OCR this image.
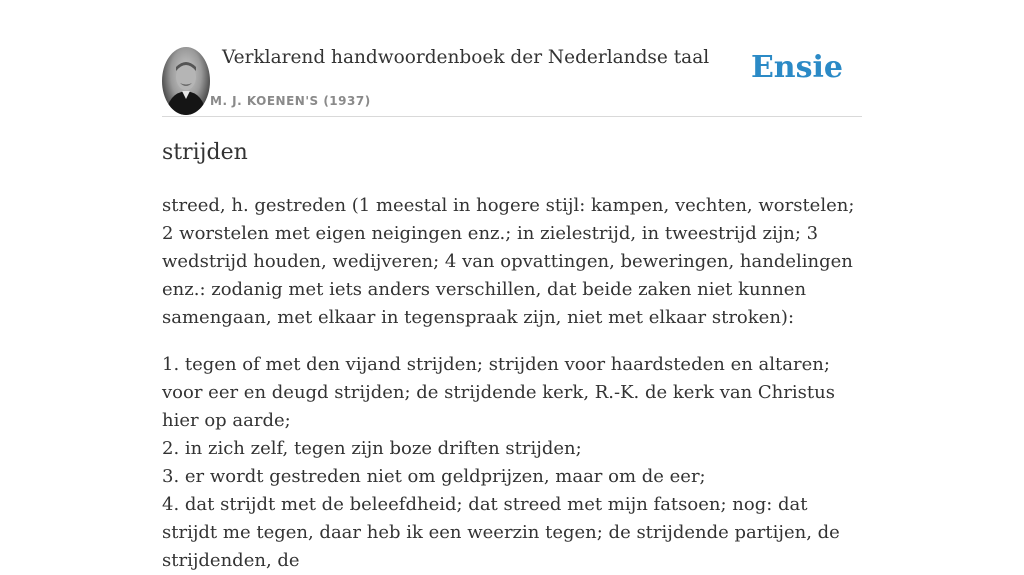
Verklarend handwoordenboek der Nederlandse taal
M. J. KOENEN'S (1937)
Ensie
strijden

streed, h. gestreden (1 meestal in hogere stijl: kampen, vechten, worstelen; 2 worstelen met eigen neigingen enz.; in zielestrijd, in tweestrijd zijn; 3 wedstrijd houden, wedijveren; 4 van opvattingen, beweringen, handelingen enz.: zodanig met iets anders verschillen, dat beide zaken niet kunnen samengaan, met elkaar in tegenspraak zijn, niet met elkaar stroken):

1. tegen of met den vijand strijden; strijden voor haardsteden en altaren; voor eer en deugd strijden; de strijdende kerk, R.-K. de kerk van Christus hier op aarde;
2. in zich zelf, tegen zijn boze driften strijden;
3. er wordt gestreden niet om geldprijzen, maar om de eer;
4. dat strijdt met de beleefdheid; dat streed met mijn fatsoen; nog: dat strijdt me tegen, daar heb ik een weerzin tegen; de strijdende partijen, de strijdenden, de
